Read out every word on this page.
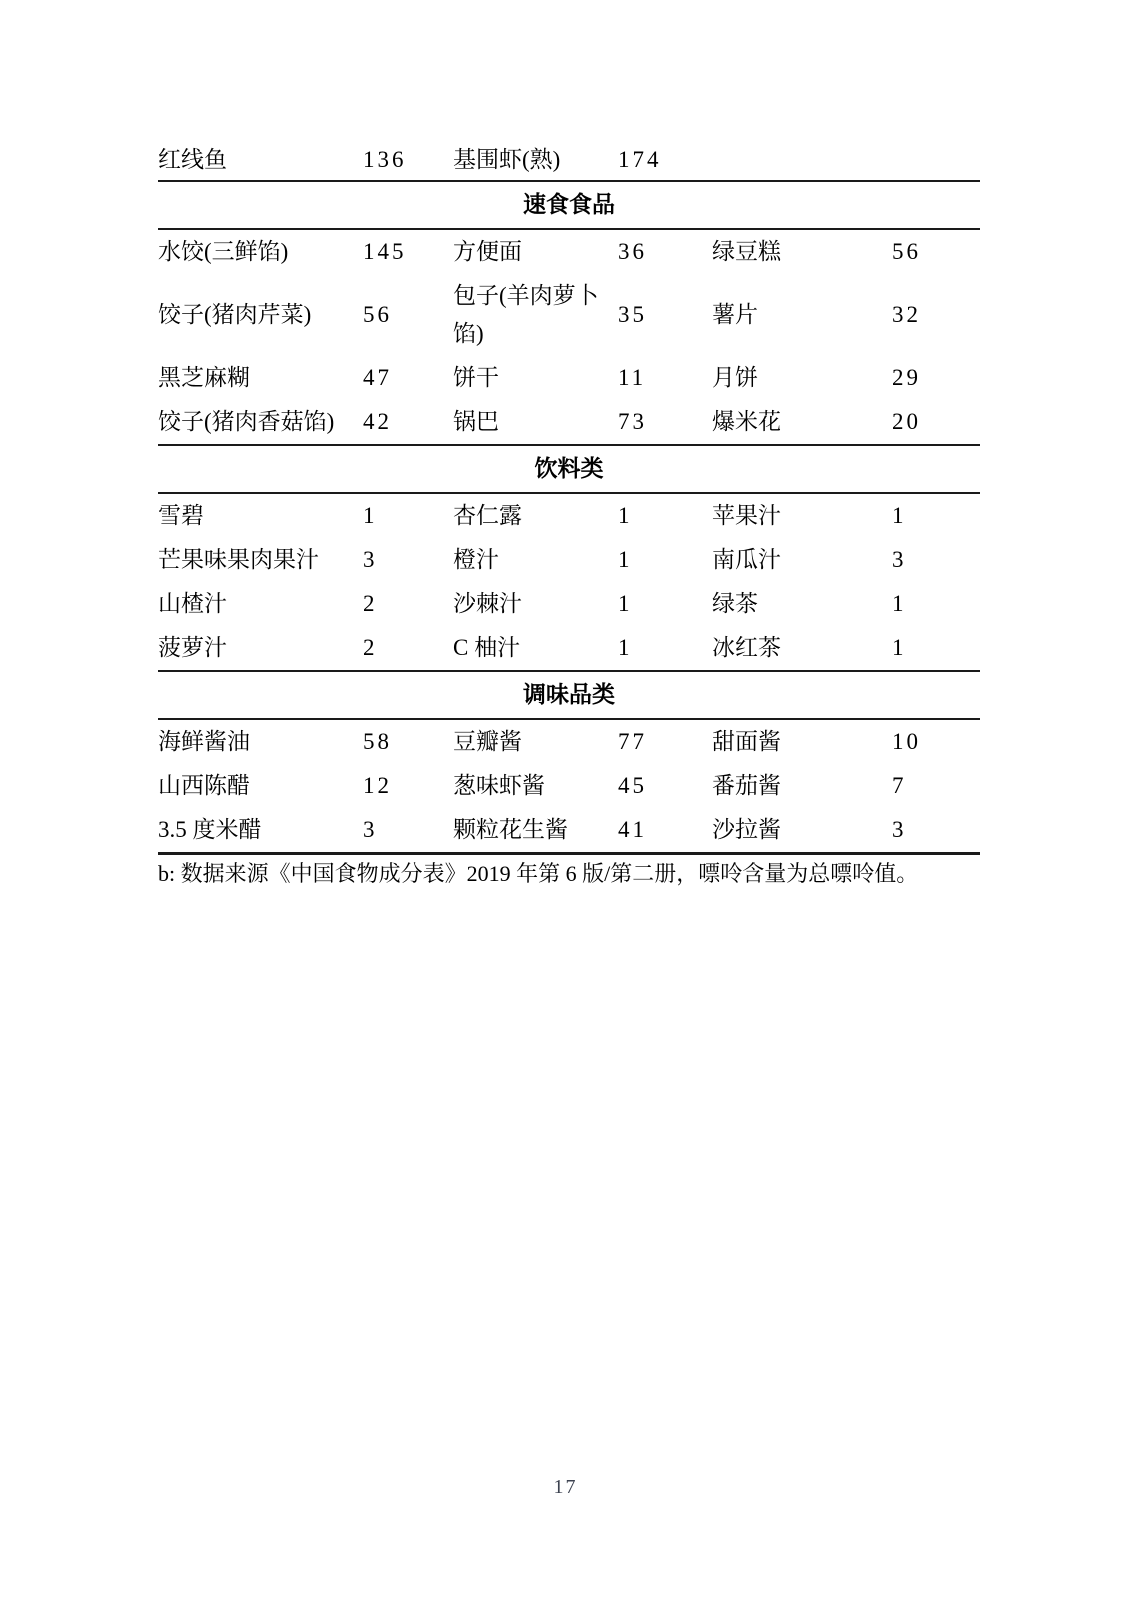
红线鱼	136	基围虾(熟)	174		
速食食品					
水饺(三鲜馅)	145	方便面	36	绿豆糕	56
饺子(猪肉芹菜)	56	包子(羊肉萝卜馅)	35	薯片	32
黑芝麻糊	47	饼干	11	月饼	29
饺子(猪肉香菇馅)	42	锅巴	73	爆米花	20
饮料类					
雪碧	1	杏仁露	1	苹果汁	1
芒果味果肉果汁	3	橙汁	1	南瓜汁	3
山楂汁	2	沙棘汁	1	绿茶	1
菠萝汁	2	C 柚汁	1	冰红茶	1
调味品类					
海鲜酱油	58	豆瓣酱	77	甜面酱	10
山西陈醋	12	葱味虾酱	45	番茄酱	7
3.5 度米醋	3	颗粒花生酱	41	沙拉酱	3
b: 数据来源《中国食物成分表》2019 年第 6 版/第二册，嘌呤含量为总嘌呤值。
17
